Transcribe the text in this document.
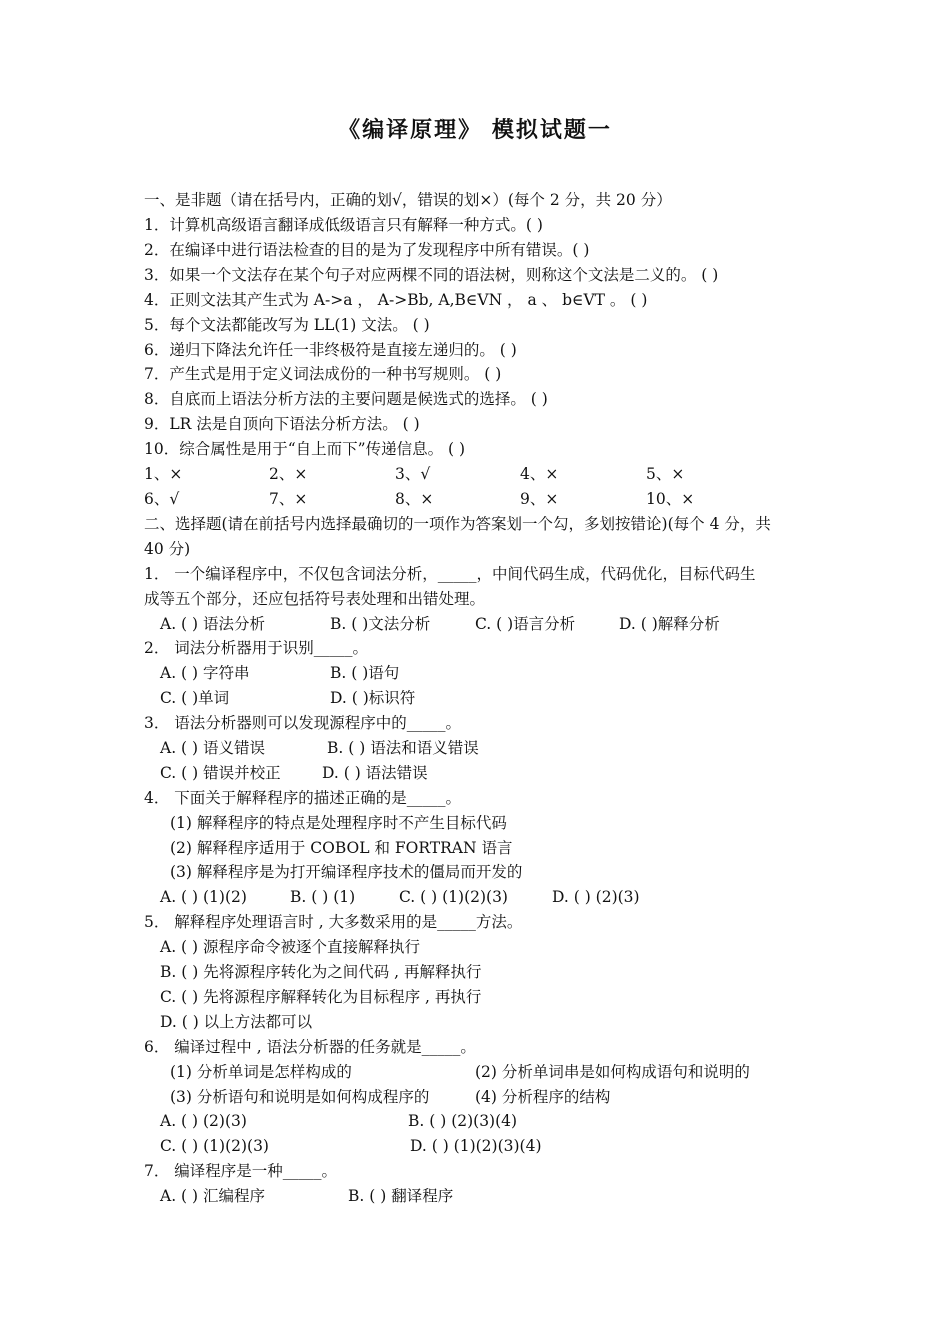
《编译原理》 模拟试题一
一、是非题（请在括号内，正确的划√，错误的划×）(每个 2 分，共 20 分）
1．计算机高级语言翻译成低级语言只有解释一种方式。( )
2．在编译中进行语法检查的目的是为了发现程序中所有错误。( )
3．如果一个文法存在某个句子对应两棵不同的语法树，则称这个文法是二义的。 ( )
4．正则文法其产生式为 A->a ， A->Bb, A,B∈VN ， a 、 b∈VT 。 ( )
5．每个文法都能改写为 LL(1) 文法。 ( )
6．递归下降法允许任一非终极符是直接左递归的。 ( )
7．产生式是用于定义词法成份的一种书写规则。 ( )
8．自底而上语法分析方法的主要问题是候选式的选择。 ( )
9．LR 法是自顶向下语法分析方法。 ( )
10．综合属性是用于“自上而下”传递信息。 ( )
1、×	2、×	3、√	4、×	5、×
6、√	7、×	8、×	9、×	10、×
二、选择题(请在前括号内选择最确切的一项作为答案划一个勾，多划按错论)(每个 4 分，共
40 分)
1． 一个编译程序中，不仅包含词法分析，_____，中间代码生成，代码优化，目标代码生
成等五个部分，还应包括符号表处理和出错处理。
A. ( ) 语法分析	B. ( )文法分析	C. ( )语言分析	D. ( )解释分析
2． 词法分析器用于识别_____。
A. ( ) 字符串	B. ( )语句
C. ( )单词	D. ( )标识符
3． 语法分析器则可以发现源程序中的_____。
A. ( ) 语义错误	B. ( ) 语法和语义错误
C. ( ) 错误并校正	D. ( ) 语法错误
4． 下面关于解释程序的描述正确的是_____。
(1) 解释程序的特点是处理程序时不产生目标代码
(2) 解释程序适用于 COBOL 和 FORTRAN 语言
(3) 解释程序是为打开编译程序技术的僵局而开发的
A. ( ) (1)(2)	B. ( ) (1)	C. ( ) (1)(2)(3)	D. ( ) (2)(3)
5． 解释程序处理语言时 , 大多数采用的是_____方法。
A. ( ) 源程序命令被逐个直接解释执行
B. ( ) 先将源程序转化为之间代码 , 再解释执行
C. ( ) 先将源程序解释转化为目标程序 , 再执行
D. ( ) 以上方法都可以
6． 编译过程中 , 语法分析器的任务就是_____。
(1) 分析单词是怎样构成的	(2) 分析单词串是如何构成语句和说明的
(3) 分析语句和说明是如何构成程序的	(4) 分析程序的结构
A. ( ) (2)(3)	B. ( ) (2)(3)(4)
C. ( ) (1)(2)(3)	D. ( ) (1)(2)(3)(4)
7． 编译程序是一种_____。
A. ( ) 汇编程序	B. ( ) 翻译程序
